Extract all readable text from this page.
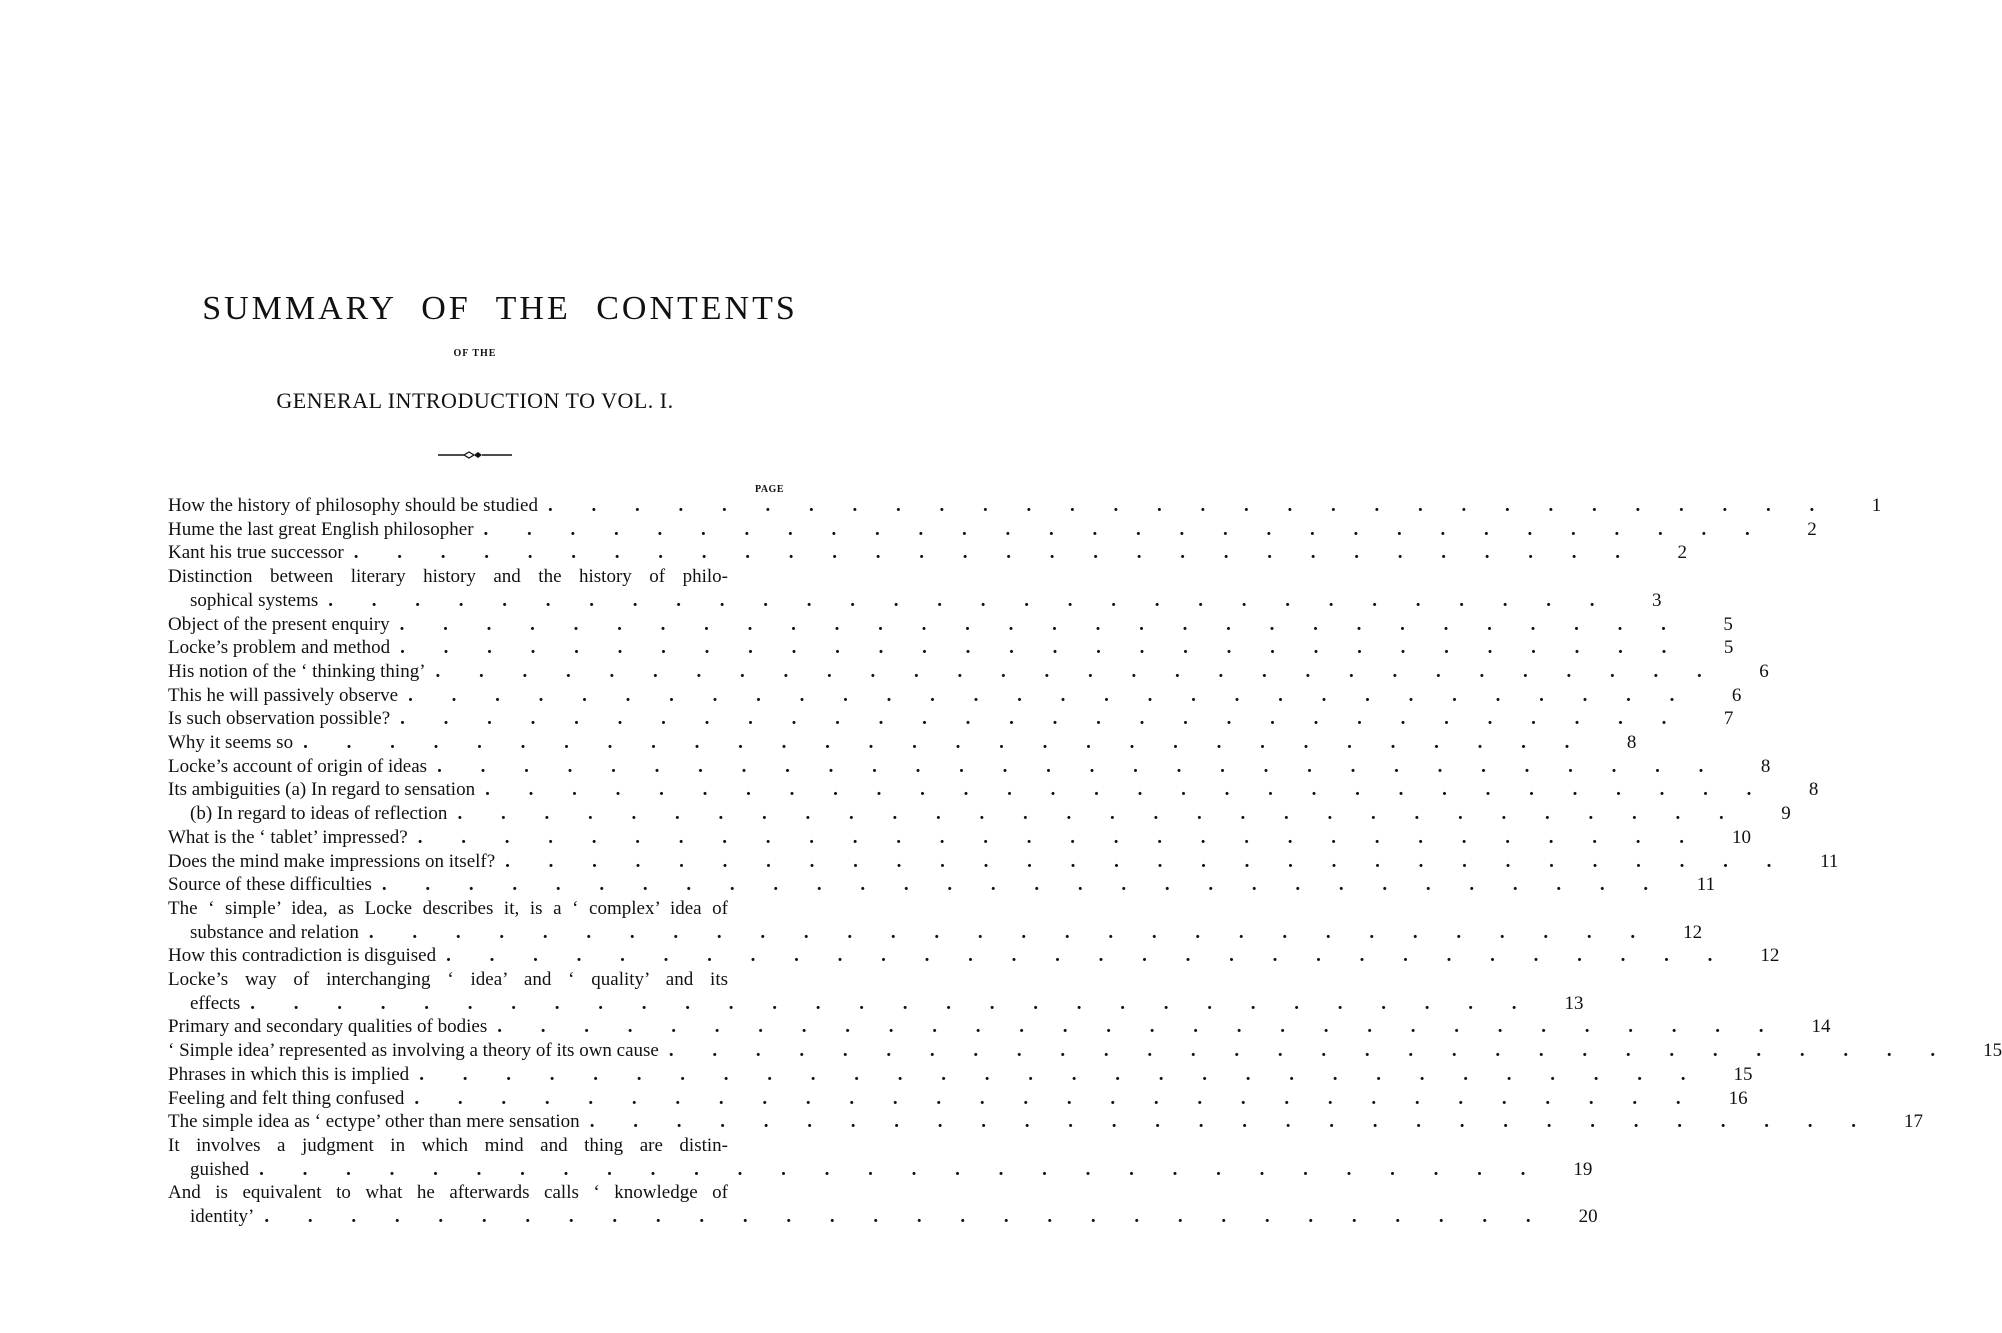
SUMMARY OF THE CONTENTS
OF THE
GENERAL INTRODUCTION TO VOL. I.
PAGE
How the history of philosophy should be studied . . . . . . . . . . . . . . . . . . . . . . . . . . . . . .	1
Hume the last great English philosopher . . . . . . . . . . . . . . . . . . . . . . . . . . . . . .	2
Kant his true successor . . . . . . . . . . . . . . . . . . . . . . . . . . . . . .	2
Distinction between literary history and the history of philo-
sophical systems . . . . . . . . . . . . . . . . . . . . . . . . . . . . . .	3
Object of the present enquiry . . . . . . . . . . . . . . . . . . . . . . . . . . . . . .	5
Locke’s problem and method . . . . . . . . . . . . . . . . . . . . . . . . . . . . . .	5
His notion of the ‘ thinking thing’ . . . . . . . . . . . . . . . . . . . . . . . . . . . . . .	6
This he will passively observe . . . . . . . . . . . . . . . . . . . . . . . . . . . . . .	6
Is such observation possible? . . . . . . . . . . . . . . . . . . . . . . . . . . . . . .	7
Why it seems so . . . . . . . . . . . . . . . . . . . . . . . . . . . . . .	8
Locke’s account of origin of ideas . . . . . . . . . . . . . . . . . . . . . . . . . . . . . .	8
Its ambiguities (a) In regard to sensation . . . . . . . . . . . . . . . . . . . . . . . . . . . . . .	8
(b) In regard to ideas of reflection . . . . . . . . . . . . . . . . . . . . . . . . . . . . . .	9
What is the ‘ tablet’ impressed? . . . . . . . . . . . . . . . . . . . . . . . . . . . . . .	10
Does the mind make impressions on itself? . . . . . . . . . . . . . . . . . . . . . . . . . . . . . .	11
Source of these difficulties . . . . . . . . . . . . . . . . . . . . . . . . . . . . . .	11
The ‘ simple’ idea, as Locke describes it, is a ‘ complex’ idea of
substance and relation . . . . . . . . . . . . . . . . . . . . . . . . . . . . . .	12
How this contradiction is disguised . . . . . . . . . . . . . . . . . . . . . . . . . . . . . .	12
Locke’s way of interchanging ‘ idea’ and ‘ quality’ and its
effects . . . . . . . . . . . . . . . . . . . . . . . . . . . . . .	13
Primary and secondary qualities of bodies . . . . . . . . . . . . . . . . . . . . . . . . . . . . . .	14
‘ Simple idea’ represented as involving a theory of its own cause . . . . . . . . . . . . . . . . . . . . . . . . . . . . . .	15
Phrases in which this is implied . . . . . . . . . . . . . . . . . . . . . . . . . . . . . .	15
Feeling and felt thing confused . . . . . . . . . . . . . . . . . . . . . . . . . . . . . .	16
The simple idea as ‘ ectype’ other than mere sensation . . . . . . . . . . . . . . . . . . . . . . . . . . . . . .	17
It involves a judgment in which mind and thing are distin-
guished . . . . . . . . . . . . . . . . . . . . . . . . . . . . . .	19
And is equivalent to what he afterwards calls ‘ knowledge of
identity’ . . . . . . . . . . . . . . . . . . . . . . . . . . . . . .	20
